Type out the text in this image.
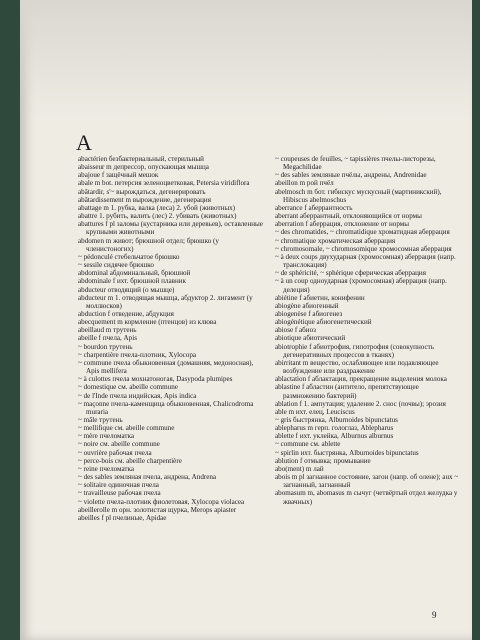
A

abactérien безбактериальный, стерильный

abaisseur m депрессор, опускающая мышца

abajoue f защёчный мешок

abale m bot. петерсия зеленоцветковая, Petersia viridiflora

abâtardir, s'~ вырождаться, дегенерировать

abâtardissement m вырождение, дегенерация

abattage m 1. рубка, валка (леса) 2. убой (животных)

abattre 1. рубить, валить (лес) 2. убивать (животных)

abattures f pl заломы (кустарника или деревьев), оставленные крупными животными

abdomen m живот; брюшной отдел; брюшко (у членистоногих)

~ pédonculé стебельчатое брюшко

~ sessile сидячее брюшко

abdominal абдоминальный, брюшной

abdominale f ихт. брюшной плавник

abducteur отводящий (о мышце)

abducteur m 1. отводящая мышца, абдуктор 2. лигамент (у моллюсков)

abduction f отведение, абдукция

abecquement m кормление (птенцов) из клюва

abeillaud m трутень

abeille f пчела, Apis

~ bourdon трутень

~ charpentière пчела-плотник, Xylocopa

~ commune пчела обыкновенная (домашняя, медоносная), Apis mellifera

~ à culottes пчела мохнатоногая, Dasypoda plumipes

~ domestique см. abeille commune

~ de l'Inde пчела индийская, Apis indica

~ maçonne пчела-каменщица обыкновенная, Chalicodroma muraria

~ mâle трутень

~ mellifique см. abeille commune

~ mère пчеломатка

~ noire см. abeille commune

~ ouvrière рабочая пчела

~ perce-bois см. abeille charpentière

~ reine пчеломатка

~ des sables земляная пчела, андрена, Andrena

~ solitaire одиночная пчела

~ travailleuse рабочая пчела

~ violette пчела-плотник фиолетовая, Xylocopa violacea

abeillerolle m орн. золотистая щурка, Merops apiaster

abeilles f pl пчелиные, Apidae

~ coupeuses de feuilles, ~ tapissières пчелы-листорезы, Megachilidae

~ des sables земляные пчёлы, андрены, Andrenidae

abeillon m рой пчёл

abelmosch m бот. гибискус мускусный (мартиникский), Hibiscus abelmoschus

aberrance f аберрантность

aberrant аберрантный, отклоняющийся от нормы

aberration f аберрация, отклонение от нормы

~ des chromatides, ~ chromatidique хроматидная аберрация

~ chromatique хроматическая аберрация

~ chromosomale, ~ chromosomique хромосомная аберрация

~ à deux coups двухударная (хромосомная) аберрация (напр. транслокация)

~ de sphéricité, ~ sphérique сферическая аберрация

~ à un coup одноударная (хромосомная) аберрация (напр. делеция)

abiétine f абиетин, конифенин

abiogène абиогенный

abiogenèse f абиогенез

abiogénétique абиогенетический

abiose f абиоз

abiotique абиотический

abiotrophie f абиотрофия, гипотрофия (совокупность дегенеративных процессов в тканях)

abirritant m вещество, ослабляющее или подавляющее возбуждение или раздражение

ablactation f аблактация, прекращение выделения молока

ablastine f абластин (антитело, препятствующее размножению бактерий)

ablation f 1. ампутация; удаление 2. снос (почвы); эрозия

able m ихт. елец, Leuciscus

~ gris быстрянка, Alburnoides bipunctatus

ablepharus m герп. гологлаз, Ablepharus

ablette f ихт. уклейка, Alburnus alburnus

~ commune см. ablette

~ spirlin ихт. быстрянка, Alburnoides bipunctatus

ablution f отмывка; промывание

abo(ment) m лай

abois m pl загнанное состояние, загон (напр. об олене); aux ~ загнанный, загнанный

abomasum m, abomasus m сычуг (четвёртый отдел желудка у жвачных)

9
